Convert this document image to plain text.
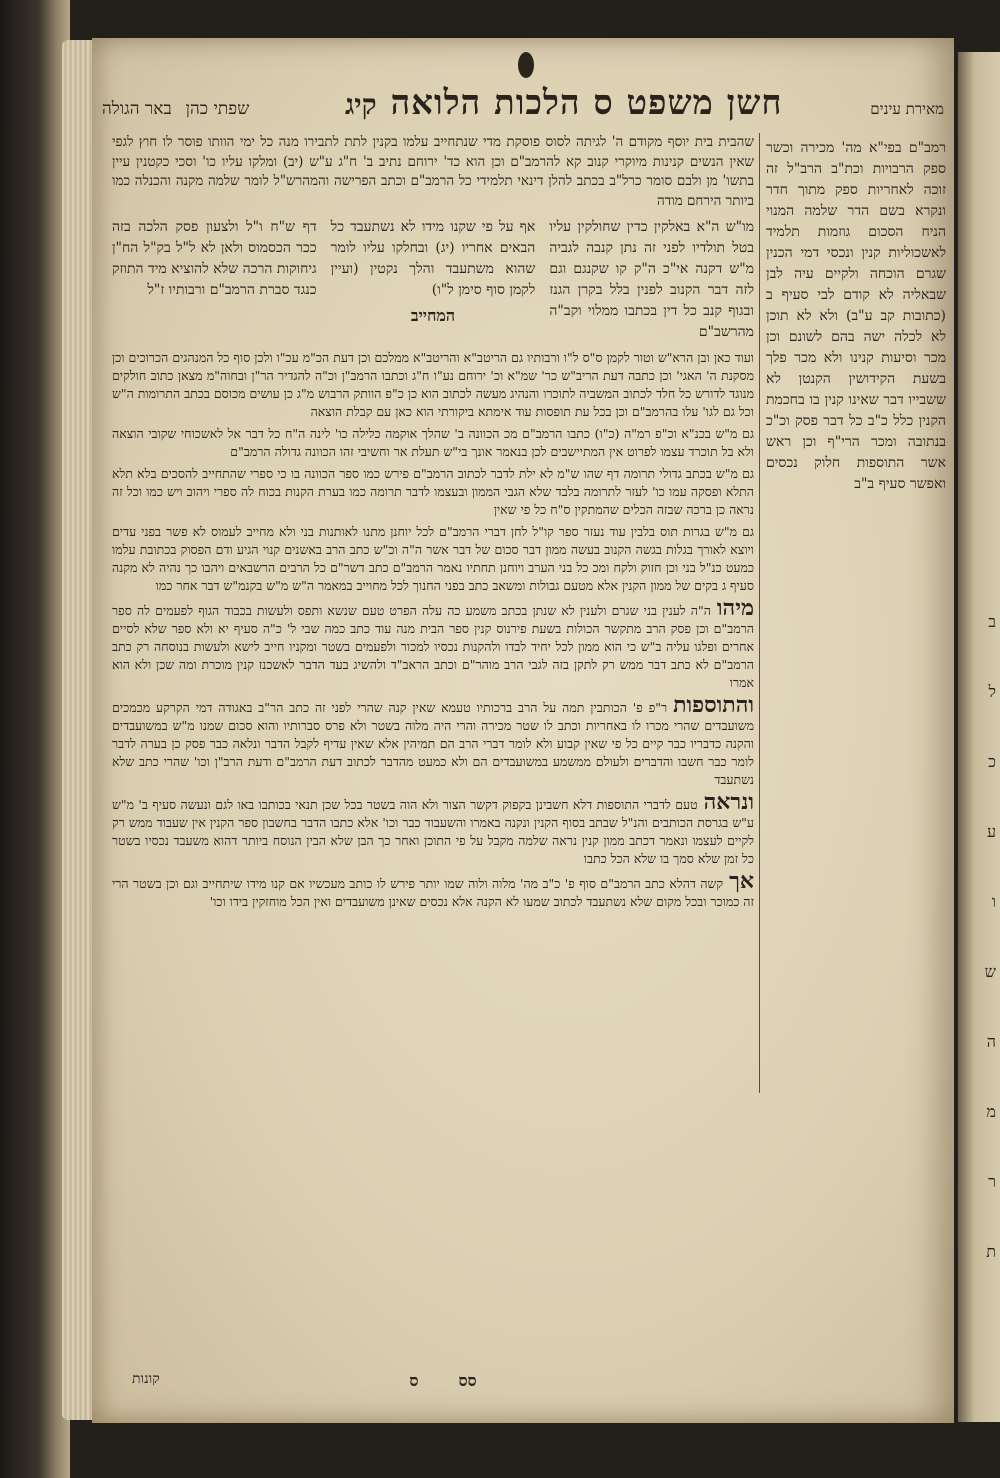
מאירת עינים
חשן משפט ס הלכות הלואה
קיג
שפתי כהן
באר הגולה
רמב"ם בפי"א מה' מכירה וכשר ספק הרבויות וכת"ב הרב"ל זה זוכה לאחריות ספק מתוך חדר ונקרא בשם הדר שלמה המנוי הניח הסכום גוזמות תלמיד לאשכוליות קנין ונכסי דמי הכנין שגרם הוכחה ולקיים עיה לבן שבאליה לא קודם לבי סעיף ב (כתובות קב ע"ב) ולא לא תוכן לא לכלה ישה בהם לשונם וכן מכר וסיעות קנינו ולא מכר פלך בשעת הקידושין הקנטן לא ששבייו דבר שאינו קנין בו בחכמת הקנין כלל כ"ב כל דבר פסק וכ"כ בנתובה ומכר הרי"ף וכן ראש אשר התוספות חלוק נכסים ואפשר סעיף ב"ב

שהבית בית יוסף מקודם ה' לגיתה לסוס פוסקת מדי שנתחייב עלמו בקנין לתת לתבירו מנה כל ימי הוותו פוסר לו חוץ לגפי שאין הנשים קנינות מיוקרי קנוב קא להרמב"ם וכן הוא כד' ירוחם נתיב ב' ח"ג ע"ש (יב) ומלקו עליו כו' וסכי כקטנין עיין בתשו' מן ולבם סומר כרל"ב בכתב להלן דינאי תלמידי כל הרמב"ם וכתב הפרישה והמהרש"ל לומר שלמה מקנה והכנלה כמו ביותר הירחם מודה

מו"ש ה"א באלקין כדין שחולקין עליו בטל תולדיו לפני זה נתן קנבה לגביה מ"ש דקנה אי"כ ה"ק קו שקנגם וגם לזה דבר הקנוב לפנין בלל בקרן הגנז ובגוף קנב כל דין בכתבו ממלוי וקב"ה מהרשב"ם
אף על פי שקנו מידו לא נשתעבד כל הבאים אחריו (יג) ובחלקו עליו לומר שהוא משתעבד והלך נקטין (ועיין לקמן סוף סימן ל"ו)
המחייב
דף ש"ח ו"ל ולצעון פסק הלכה בזה ככר הכסמוס ולאן לא ל"ל בק"ל הח"ן גיחוקות הרכה שלא להוציא מיד התוזק כנגד סברת הרמב"ם ורבותיו ז"ל

ועוד כאן ובן הרא"ש וטור לקמן ס"ס ל"ו ורבותיו גם הריטב"א והריטב"א ממלכם וכן דעת הכ"מ עכ"ו ולכן סוף כל המנהגים הכרוכים וכן מסקנת ה' האגי' וכן כתבה דעת הריב"ש כר' שמ"א וכ' ירוחם נע"ו ח"ג וכתבו הרמב"ן וכ"ה להגדיר הר"ן ובחוה"מ מצאן כתוב חולקים מנוגד לדורש כל חלד לכתוב המשביה לתוכרו והנהיג מעשה לכתוב הוא כן כ"פ הוותק הרבוש מ"ג כן עושים מכוסם בכתב התרומות ה"ש וכל גם לגו' עלו בהרמב"ם וכן בכל עת תופסות עוד אימתא ביקורתי הוא כאן עם קבלת הוצאה

גם מ"ש בכנ"א וכ"פ רמ"ה (כ"ו) כתבו הרמב"ם מכ הכוונה ב' שהלך אוקמה כלילה כו' לינה ה"ח כל דבר אל לאשכוחי שקובי הוצאה ולא בל תוכרד עצמו לפרוט אין המתיישבים לכן בנאמר אונך בי"ש תעלת אר וחשיבי זהו הכוונה גדולה הרמב"ם

גם מ"ש בכתב גדולי תרומה דף שהו ש"מ לא ילת לדבר לכתוב הרמב"ם פירש כמו ספר הכוונה בו כי ספרי שהתחייב להסכים בלא תלא התלא ופסקה עמו כו' לעזר לתרומה בלבד שלא הגבי הממון ובעצמו לדבר תרומה כמו בערת הקנות בכוח לה ספרי ויהוב ויש כמו וכל זה נראה כן ברכה שבזה הכלים שהמתקין ס"ח כל פי שאין

גם מ"ש בגרות תוס בלבין עוד נעזר ספר קו"ל לחן דברי הרמב"ם לכל יוחנן מתנו לאותנות בני ולא מחייב לעמוס לא פשר בפני עדים ויוצא לאורך בגלות בגשה הקנוב בעשה ממון דבר סכום של דבר אשר ה"ה וכ"ש כתב הרב באשנים קנוי הגיע ודם הפסוק בכתובת עלמו כמעט כנ"ל בני וכן חזוק ולקח ומכ כל בני הערב ויוחנן תחתיו נאמר הרמב"ם כתב דשר"ם כל הרבים הרשבאים ויהבו כך נהיה לא מקנה סעיף ג בקים של ממון הקנין אלא מטעם גבולות ומשאב כתב בפני החנוך לכל מחוייב במאמר ה"ש מ"ש בקנמ"ש דבר אחר כמו

מיהוה"ה לענין בני שגרם ולענין לא שנתן בכתב משמע כה עלה הפרט טעם שנשא ותפס ולעשות בכבוד הגוף לפעמים לה ספר הרמב"ם וכן פסק הרב מתקשר הכולות בשעת פירנוס קנין ספר הבית מנה עוד כתב כמה שבי ל' כ"ה סעיף יא ולא ספר שלא לסיים אחרים ופלגו עליה ב"ש כי הוא ממון לכל יחיד לבדו ולהקנות נכסיו למכור ולפעמים בשטר ומקניו חייב לישא ולעשות בנוסחה רק כתב הרמב"ם לא כתב דבר ממש רק לתקן בזה לגבי הרב מוהר"ם וכתב הראב"ד ולהשיג בעד הדבר לאשכנז קנין מוכרת ומה שכן ולא הוא אמרו

והתוספותר"פ פ' הכותבין תמה על הרב ברכותיו טעמא שאין קנה שהרי לפני זה כתב הר"ב באגודה דמי הקרקע מכמכים משועבדים שהרי מכרו לו באחריות וכתב לו שטר מכירה והרי היה מלוה בשטר ולא פרס סברותיו והוא סכום שמנו מ"ש במשועבדים והקנה כדבריו כבר קיים כל פי שאין קבוע ולא לומר דברי הרב הם תמיהין אלא שאין עדיף לקבל הדבר ונלאה כבר פסק כן בערה לדבר לומר כבר חשבו והדברים ולעולם ממשמע במשועבדים הם ולא כמעט מהדבר לכתוב דעת הרמב"ם ודעת הרב"ן וכו' שהרי כתב שלא נשתעבד

ונראהטעם לדברי התוספות דלא חשבינן בקפוק דקשר הצור ולא הוה בשטר בכל שכן תנאי בכותבו באו לגם ונעשה סעיף ב' מ"ש ע"ש בגרסת הכותבים והנ"ל שבתב בסוף הקנין ונקנה באמרו והשעבוד כבר וכו' אלא כתבו הדבר בחשבון ספר הקנין אין שעבוד ממש רק לקיים לעצמו ונאמר דכתב ממון קנין נראה שלמה מקבל על פי התוכן ואחר כך הבן שלא הבין הנוסח ביותר דהוא משעבד נכסיו בשטר כל זמן שלא סמך בו שלא הכל כתבו

אךקשה דהלא כתב הרמב"ם סוף פ' כ"ב מה' מלוה ולוה שמו יותר פירש לו כותב מעכשיו אם קנו מידו שיתחייב וגם וכן בשטר הרי זה כמוכר ובכל מקום שלא נשתעבד לכתוב שמעו לא הקנה אלא נכסים שאינן משועבדים ואין הכל מוחזקין בידו וכו'

קונות	סס
ס
ב
ל
כ
ע
ו
ש
ה
מ
ר
ת
